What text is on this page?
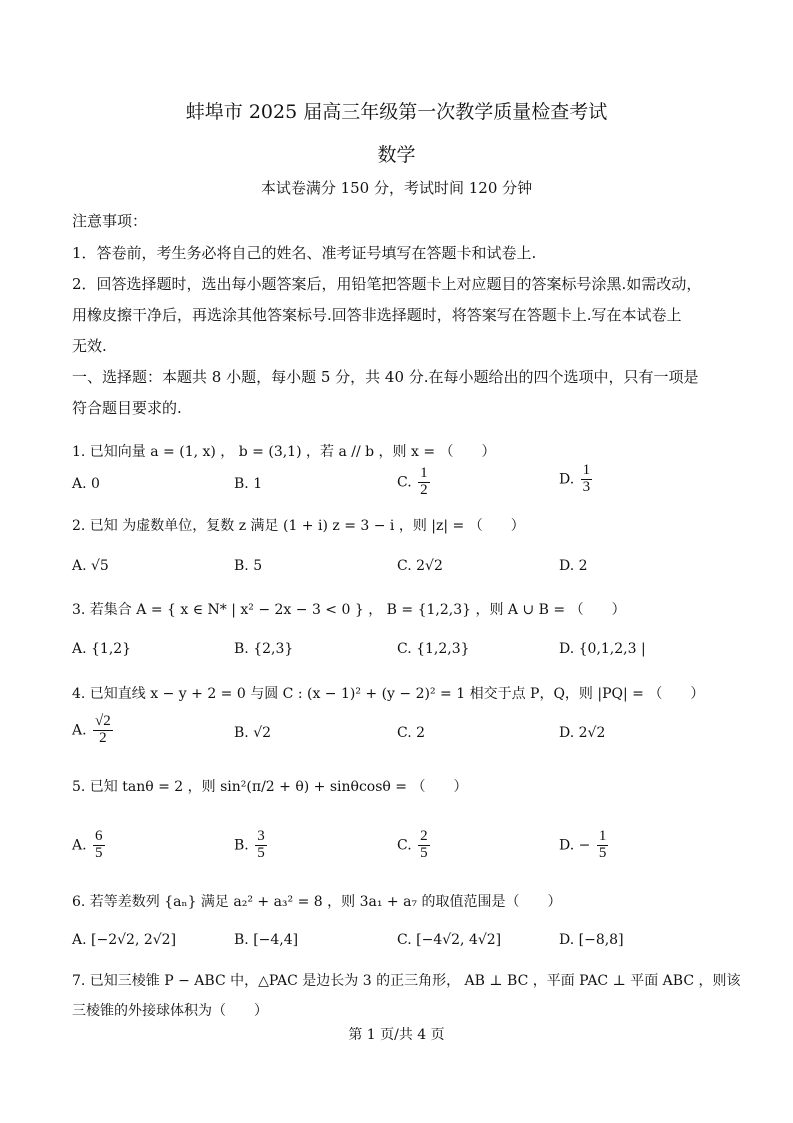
蚌埠市 2025 届高三年级第一次教学质量检查考试
数学
本试卷满分 150 分，考试时间 120 分钟
注意事项：
1．答卷前，考生务必将自己的姓名、准考证号填写在答题卡和试卷上.
2．回答选择题时，选出每小题答案后，用铅笔把答题卡上对应题目的答案标号涂黑.如需改动，
用橡皮擦干净后，再选涂其他答案标号.回答非选择题时，将答案写在答题卡上.写在本试卷上
无效.
一、选择题：本题共 8 小题，每小题 5 分，共 40 分.在每小题给出的四个选项中，只有一项是
符合题目要求的.
1. 已知向量 a = (1, x) ， b = (3,1) ，若 a // b ，则 x = （　　）
A. 0	B. 1	C. $\frac{1}{2}$	D. $\frac{1}{3}$
2. 已知 为虚数单位，复数 z 满足 (1 + i) z = 3 − i ，则 |z| = （　　）
A. √5	B. 5	C. 2√2	D. 2
3. 若集合 A = { x ∈ N* | x² − 2x − 3 < 0 } ， B = {1,2,3} ，则 A ∪ B = （　　）
A. {1,2}	B. {2,3}	C. {1,2,3}	D. {0,1,2,3 |
4. 已知直线 x − y + 2 = 0 与圆 C : (x − 1)² + (y − 2)² = 1 相交于点 P，Q，则 |PQ| = （　　）
A. $\frac{√2}{2}$	B. √2	C. 2	D. 2√2
5. 已知 tanθ = 2 ，则 sin²(π/2 + θ) + sinθcosθ = （　　）
A. $\frac{6}{5}$	B. $\frac{3}{5}$	C. $\frac{2}{5}$	D. − $\frac{1}{5}$
6. 若等差数列 {aₙ} 满足 a₂² + a₃² = 8 ，则 3a₁ + a₇ 的取值范围是（　　）
A. [−2√2, 2√2]	B. [−4,4]	C. [−4√2, 4√2]	D. [−8,8]
7. 已知三棱锥 P − ABC 中，△PAC 是边长为 3 的正三角形， AB ⊥ BC ，平面 PAC ⊥ 平面 ABC ，则该
三棱锥的外接球体积为（　　）
第 1 页/共 4 页
